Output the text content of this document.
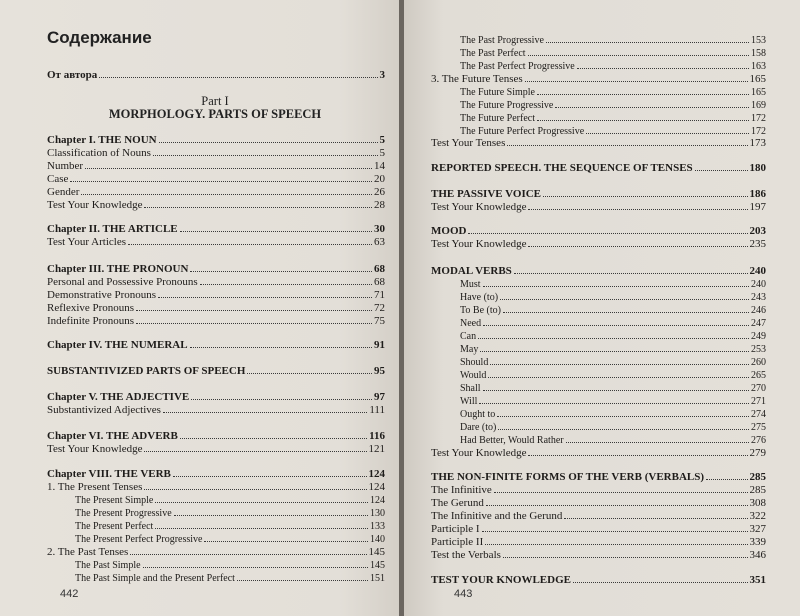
Содержание
Part I
MORPHOLOGY. PARTS OF SPEECH
От автора	3
Chapter I. THE NOUN	5
Classification of Nouns	5
Number	14
Case	20
Gender	26
Test Your Knowledge	28
Chapter II. THE ARTICLE	30
Test Your Articles	63
Chapter III. THE PRONOUN	68
Personal and Possessive Pronouns	68
Demonstrative Pronouns	71
Reflexive Pronouns	72
Indefinite Pronouns	75
Chapter IV. THE NUMERAL	91
SUBSTANTIVIZED PARTS OF SPEECH	95
Chapter V. THE ADJECTIVE	97
Substantivized Adjectives	111
Chapter VI. THE ADVERB	116
Test Your Knowledge	121
Chapter VIII. THE VERB	124
1. The Present Tenses	124
The Present Simple	124
The Present Progressive	130
The Present Perfect	133
The Present Perfect Progressive	140
2. The Past Tenses	145
The Past Simple	145
The Past Simple and the Present Perfect	151
442
The Past Progressive	153
The Past Perfect	158
The Past Perfect Progressive	163
3. The Future Tenses	165
The Future Simple	165
The Future Progressive	169
The Future Perfect	172
The Future Perfect Progressive	172
Test Your Tenses	173
REPORTED SPEECH. THE SEQUENCE OF TENSES	180
THE PASSIVE VOICE	186
Test Your Knowledge	197
MOOD	203
Test Your Knowledge	235
MODAL VERBS	240
Must	240
Have (to)	243
To Be (to)	246
Need	247
Can	249
May	253
Should	260
Would	265
Shall	270
Will	271
Ought to	274
Dare (to)	275
Had Better, Would Rather	276
Test Your Knowledge	279
THE NON-FINITE FORMS OF THE VERB (VERBALS)	285
The Infinitive	285
The Gerund	308
The Infinitive and the Gerund	322
Participle I	327
Participle II	339
Test the Verbals	346
TEST YOUR KNOWLEDGE	351
443
